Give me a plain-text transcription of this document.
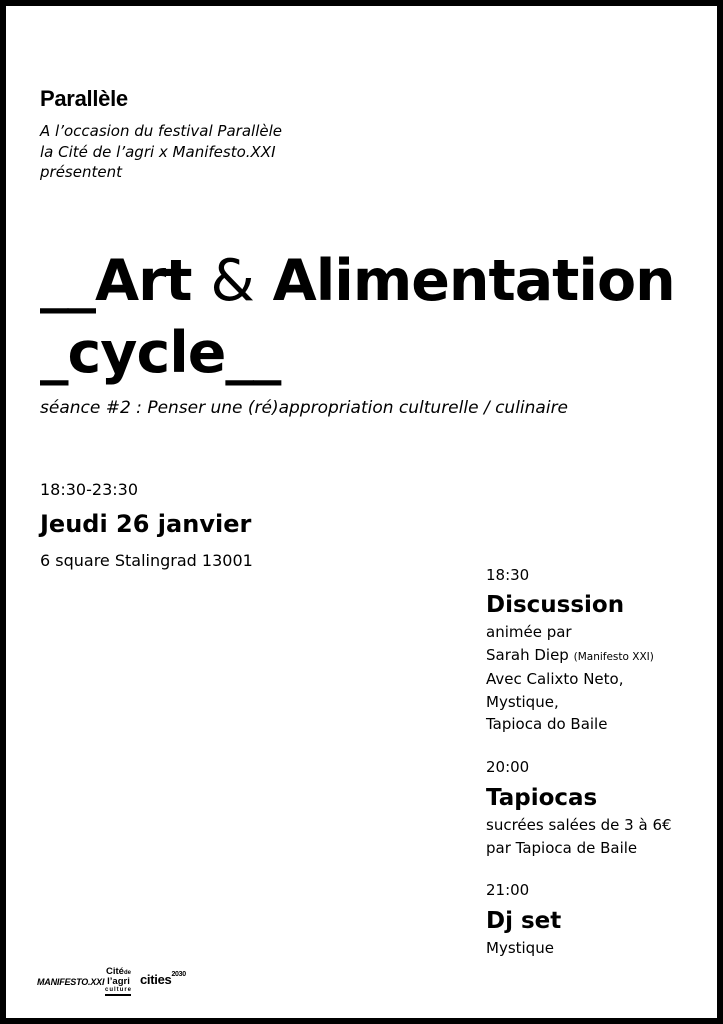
Parallèle
A l’occasion du festival Parallèle
la Cité de l’agri x Manifesto.XXI
présentent
__Art & Alimentation
_cycle__
séance #2 : Penser une (ré)appropriation culturelle / culinaire
18:30-23:30
Jeudi 26 janvier
6 square Stalingrad 13001
18:30
Discussion
animée par
Sarah Diep (Manifesto XXI)
Avec Calixto Neto,
Mystique,
Tapioca do Baile
20:00
Tapiocas
sucrées salées de 3 à 6€
par Tapioca de Baile
21:00
Dj set
Mystique
MANIFESTO.XXI
Citéde
l’agri
culture
cities$^{2030}$
